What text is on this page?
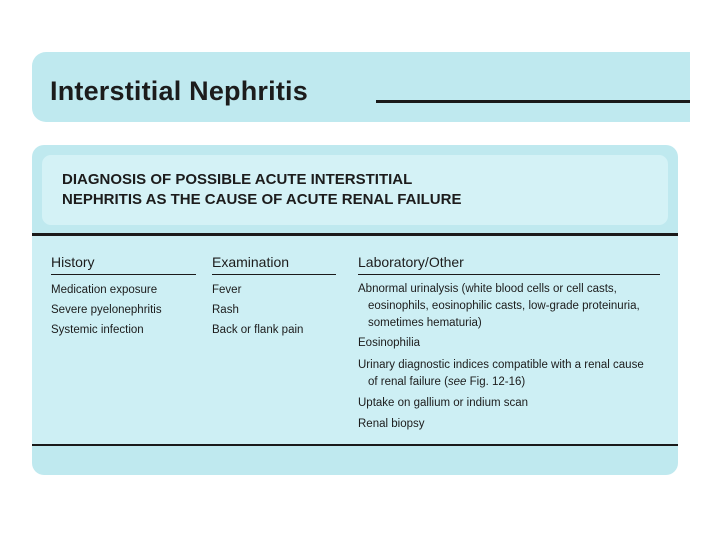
Interstitial Nephritis
DIAGNOSIS OF POSSIBLE ACUTE INTERSTITIAL
NEPHRITIS AS THE CAUSE OF ACUTE RENAL FAILURE
History	Examination	Laboratory/Other
Medication exposure
Severe pyelonephritis
Systemic infection
Fever
Rash
Back or flank pain
Abnormal urinalysis (white blood cells or cell casts,
eosinophils, eosinophilic casts, low-grade proteinuria,
sometimes hematuria)
Eosinophilia
Urinary diagnostic indices compatible with a renal cause
of renal failure (see Fig. 12-16)
Uptake on gallium or indium scan
Renal biopsy
